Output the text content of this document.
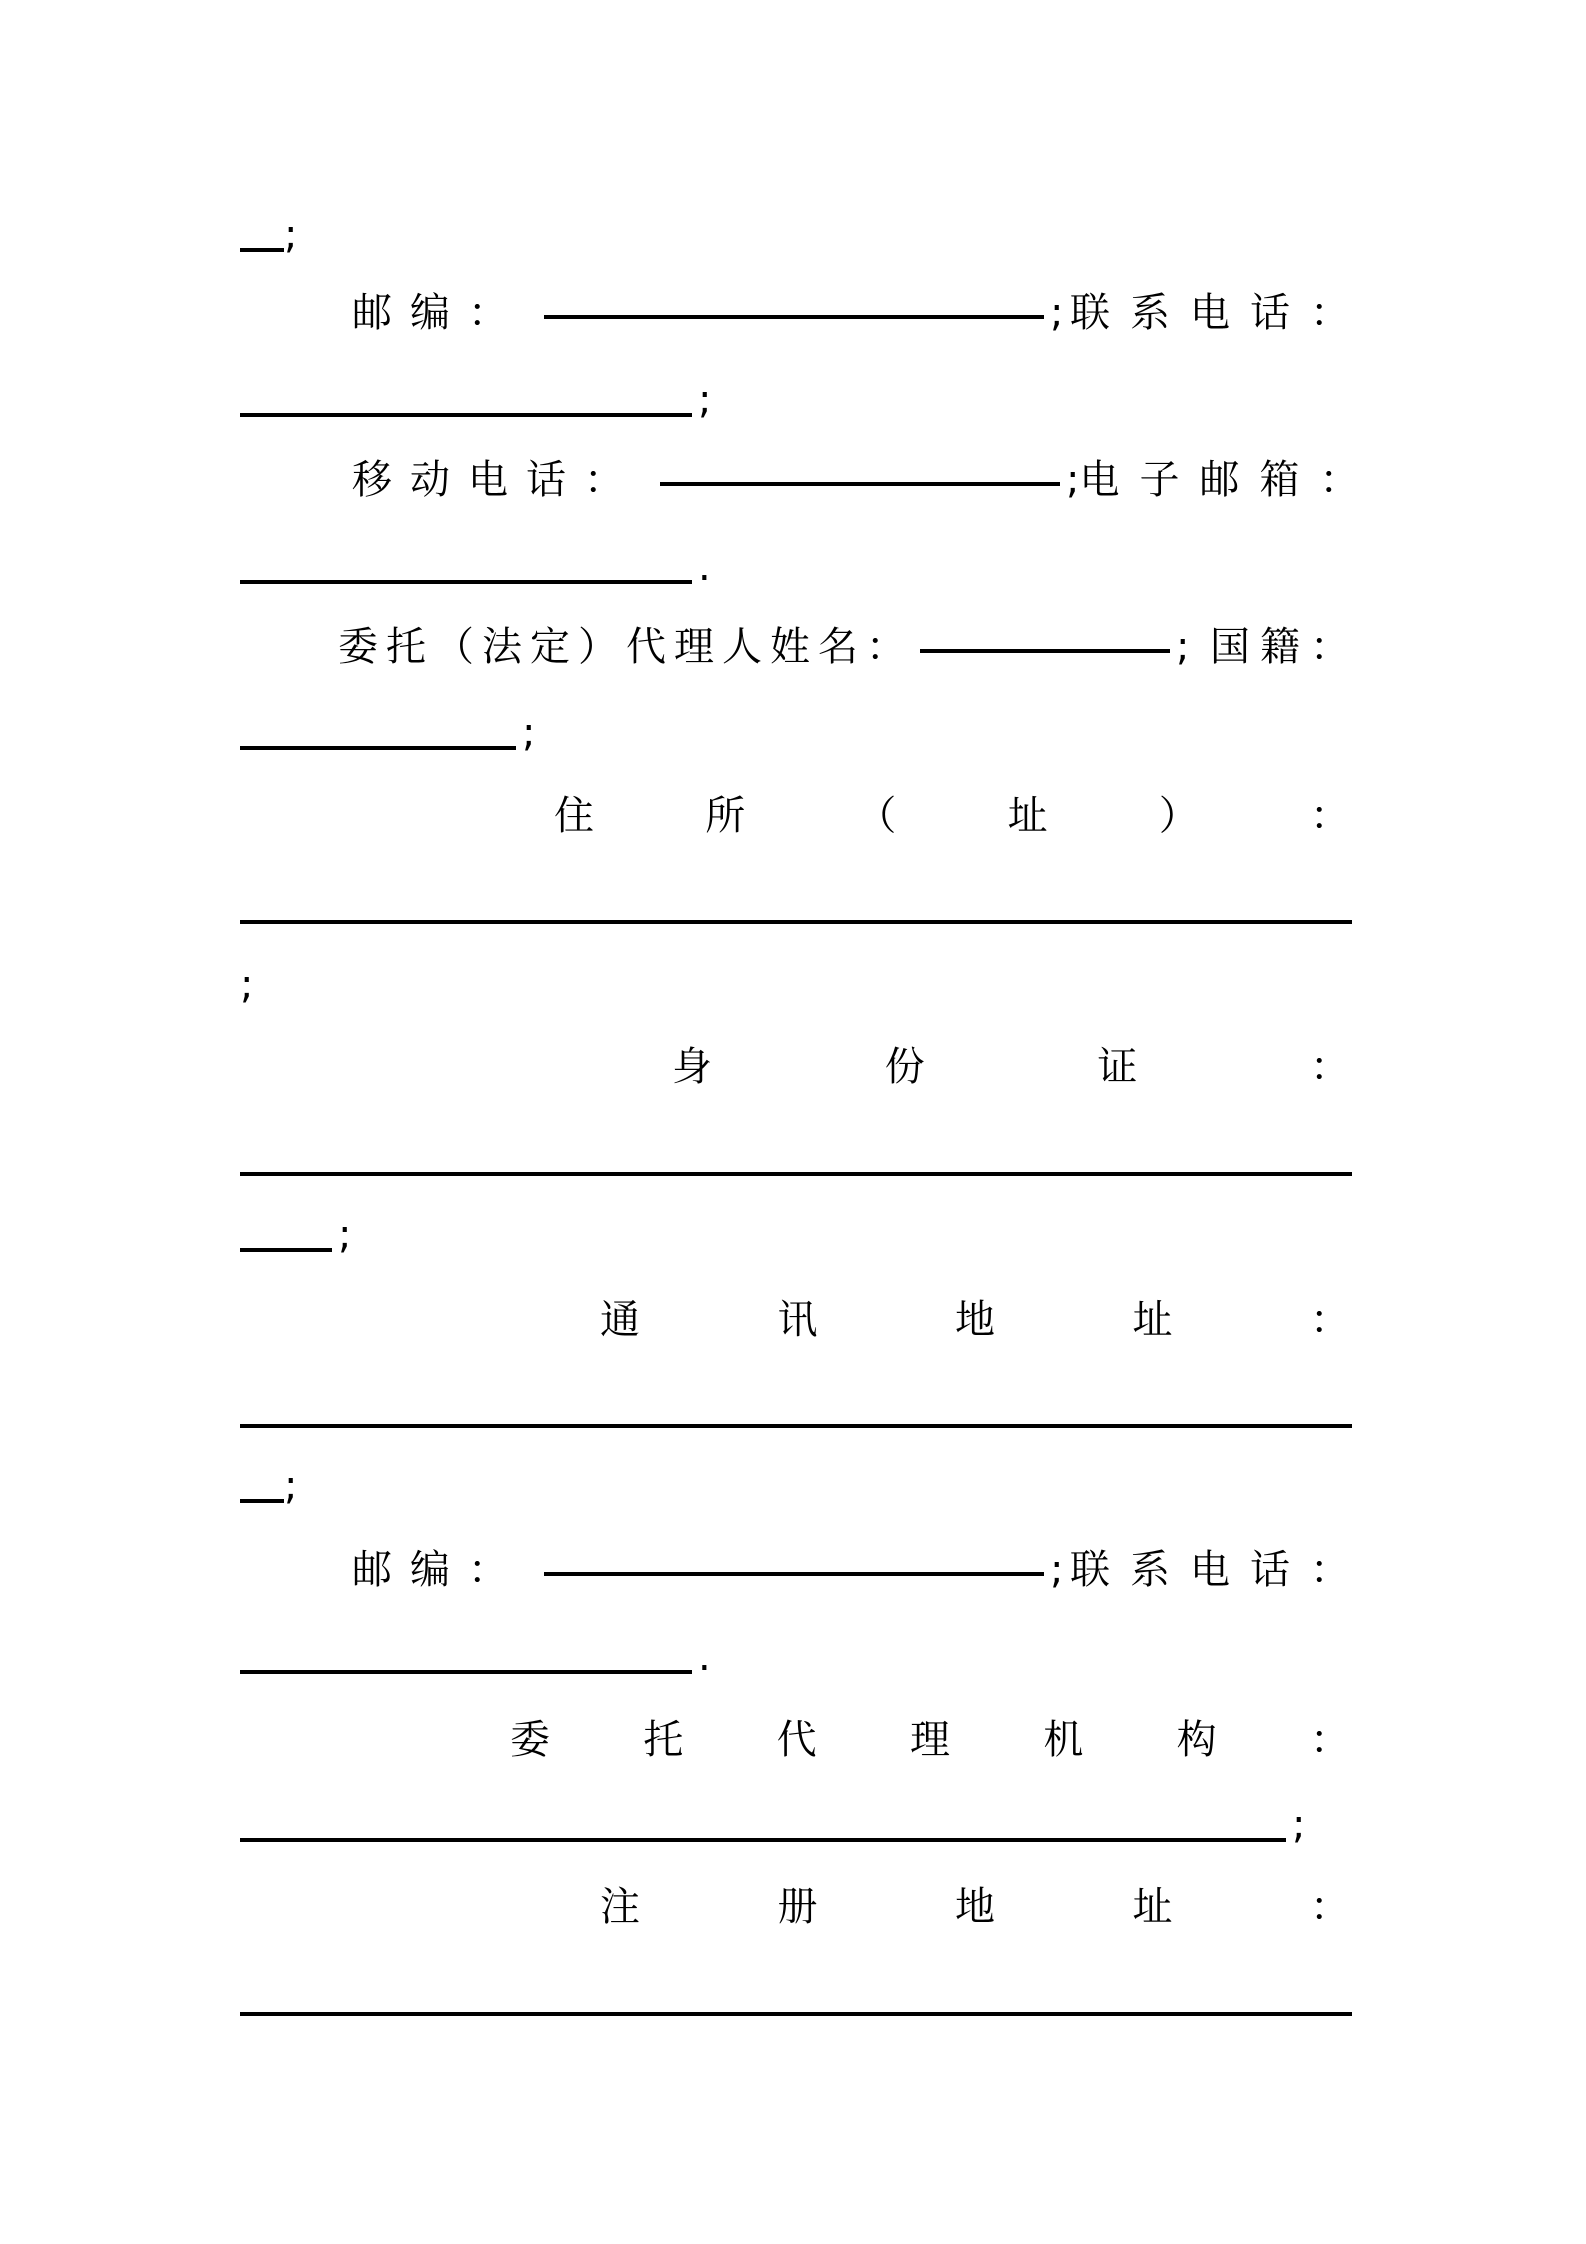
;
邮编：	; 联系电话：
;
移动电话：	; 电子邮箱：
.
委托（法定）代理人姓名：	; 国籍：
;
住	所	（	址	）	：
;
身	份	证	：
;
通	讯	地	址	：
;
邮编：	; 联系电话：
.
委 托 代 理 机 构 ：
;
注	册	地	址	：
